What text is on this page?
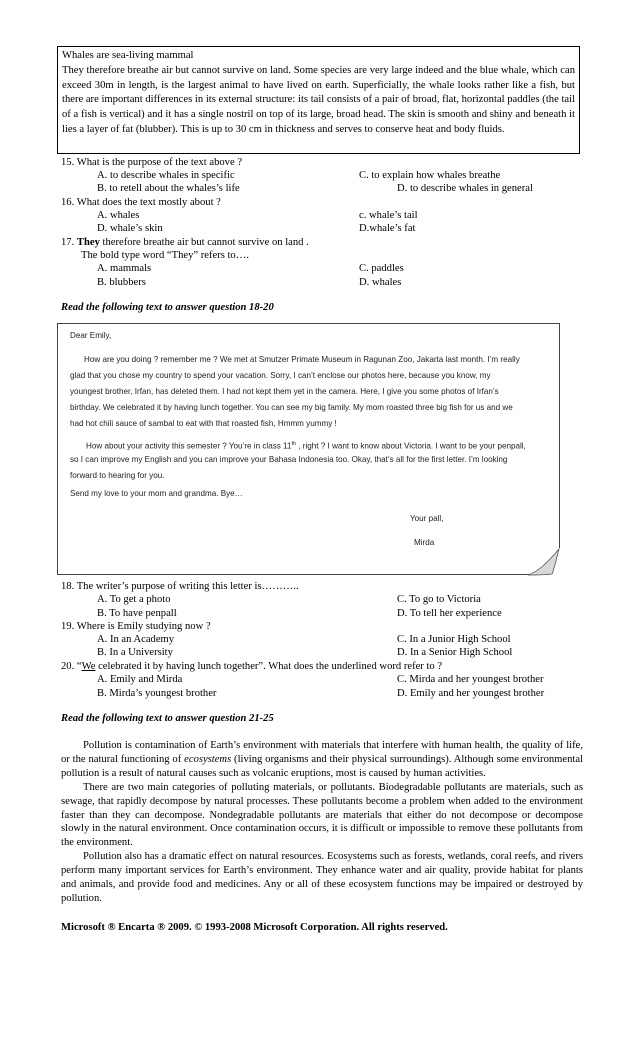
Whales are sea-living mammal

They therefore breathe air but cannot survive on land. Some species are very large indeed and the blue whale, which can exceed 30m in length, is the largest animal to have lived on earth. Superficially, the whale looks rather like a fish, but there are important differences in its external structure: its tail consists of a pair of broad, flat, horizontal paddles (the tail of a fish is vertical) and it has a single nostril on top of its large, broad head. The skin is smooth and shiny and beneath it lies a layer of fat (blubber). This is up to 30 cm in thickness and serves to conserve heat and body fluids.

15. What is the purpose of the text above ?
A. to describe whales in specific	C. to explain how whales breathe
B. to retell about the whales’s life	D. to describe whales in general
16. What does the text mostly about ?
A. whales	c. whale’s tail
D. whale’s skin	D.whale’s fat
17. They therefore breathe air but cannot survive on land .
The bold type word “They” refers to….
A. mammals	C. paddles
B. blubbers	D. whales
Read the following text to answer question 18-20
Dear Emily,
How are you doing ? remember me ? We met at Smutzer Primate Museum in Ragunan Zoo, Jakarta last month. I’m really
glad that you chose my country to spend your vacation. Sorry, I can’t enclose our photos here, because you know, my
youngest brother, Irfan, has deleted them. I had not kept them yet in the camera. Here, I give you some photos of Irfan’s
birthday. We celebrated it by having lunch together. You can see my big family. My mom roasted three big fish for us and we
had hot chili sauce of sambal to eat with that roasted fish, Hmmm yummy !
How about your activity this semester ? You’re in class 11th , right ? I want to know about Victoria. I want to be your penpall,
so I can improve my English and you can improve your Bahasa Indonesia too. Okay, that’s all for the first letter. I’m looking
forward to hearing for you.
Send my love to your mom and grandma. Bye…
Your pall,
Mirda
18. The writer’s purpose of writing this letter is………..
A. To get a photo	C. To go to Victoria
B. To have penpall	D. To tell her experience
19. Where is Emily studying now ?
A. In an Academy	C. In a Junior High School
B. In a University	D. In a Senior High School
20. “We celebrated it by having lunch together”. What does the underlined word refer to ?
A. Emily and Mirda	C. Mirda and her youngest brother
B. Mirda’s youngest brother	D. Emily and her youngest brother
Read the following text to answer question 21-25

Pollution is contamination of Earth’s environment with materials that interfere with human health, the quality of life, or the natural functioning of ecosystems (living organisms and their physical surroundings). Although some environmental pollution is a result of natural causes such as volcanic eruptions, most is caused by human activities.

There are two main categories of polluting materials, or pollutants. Biodegradable pollutants are materials, such as sewage, that rapidly decompose by natural processes. These pollutants become a problem when added to the environment faster than they can decompose. Nondegradable pollutants are materials that either do not decompose or decompose slowly in the natural environment. Once contamination occurs, it is difficult or impossible to remove these pollutants from the environment.

Pollution also has a dramatic effect on natural resources. Ecosystems such as forests, wetlands, coral reefs, and rivers perform many important services for Earth’s environment. They enhance water and air quality, provide habitat for plants and animals, and provide food and medicines. Any or all of these ecosystem functions may be impaired or destroyed by pollution.

Microsoft ® Encarta ® 2009. © 1993-2008 Microsoft Corporation. All rights reserved.
